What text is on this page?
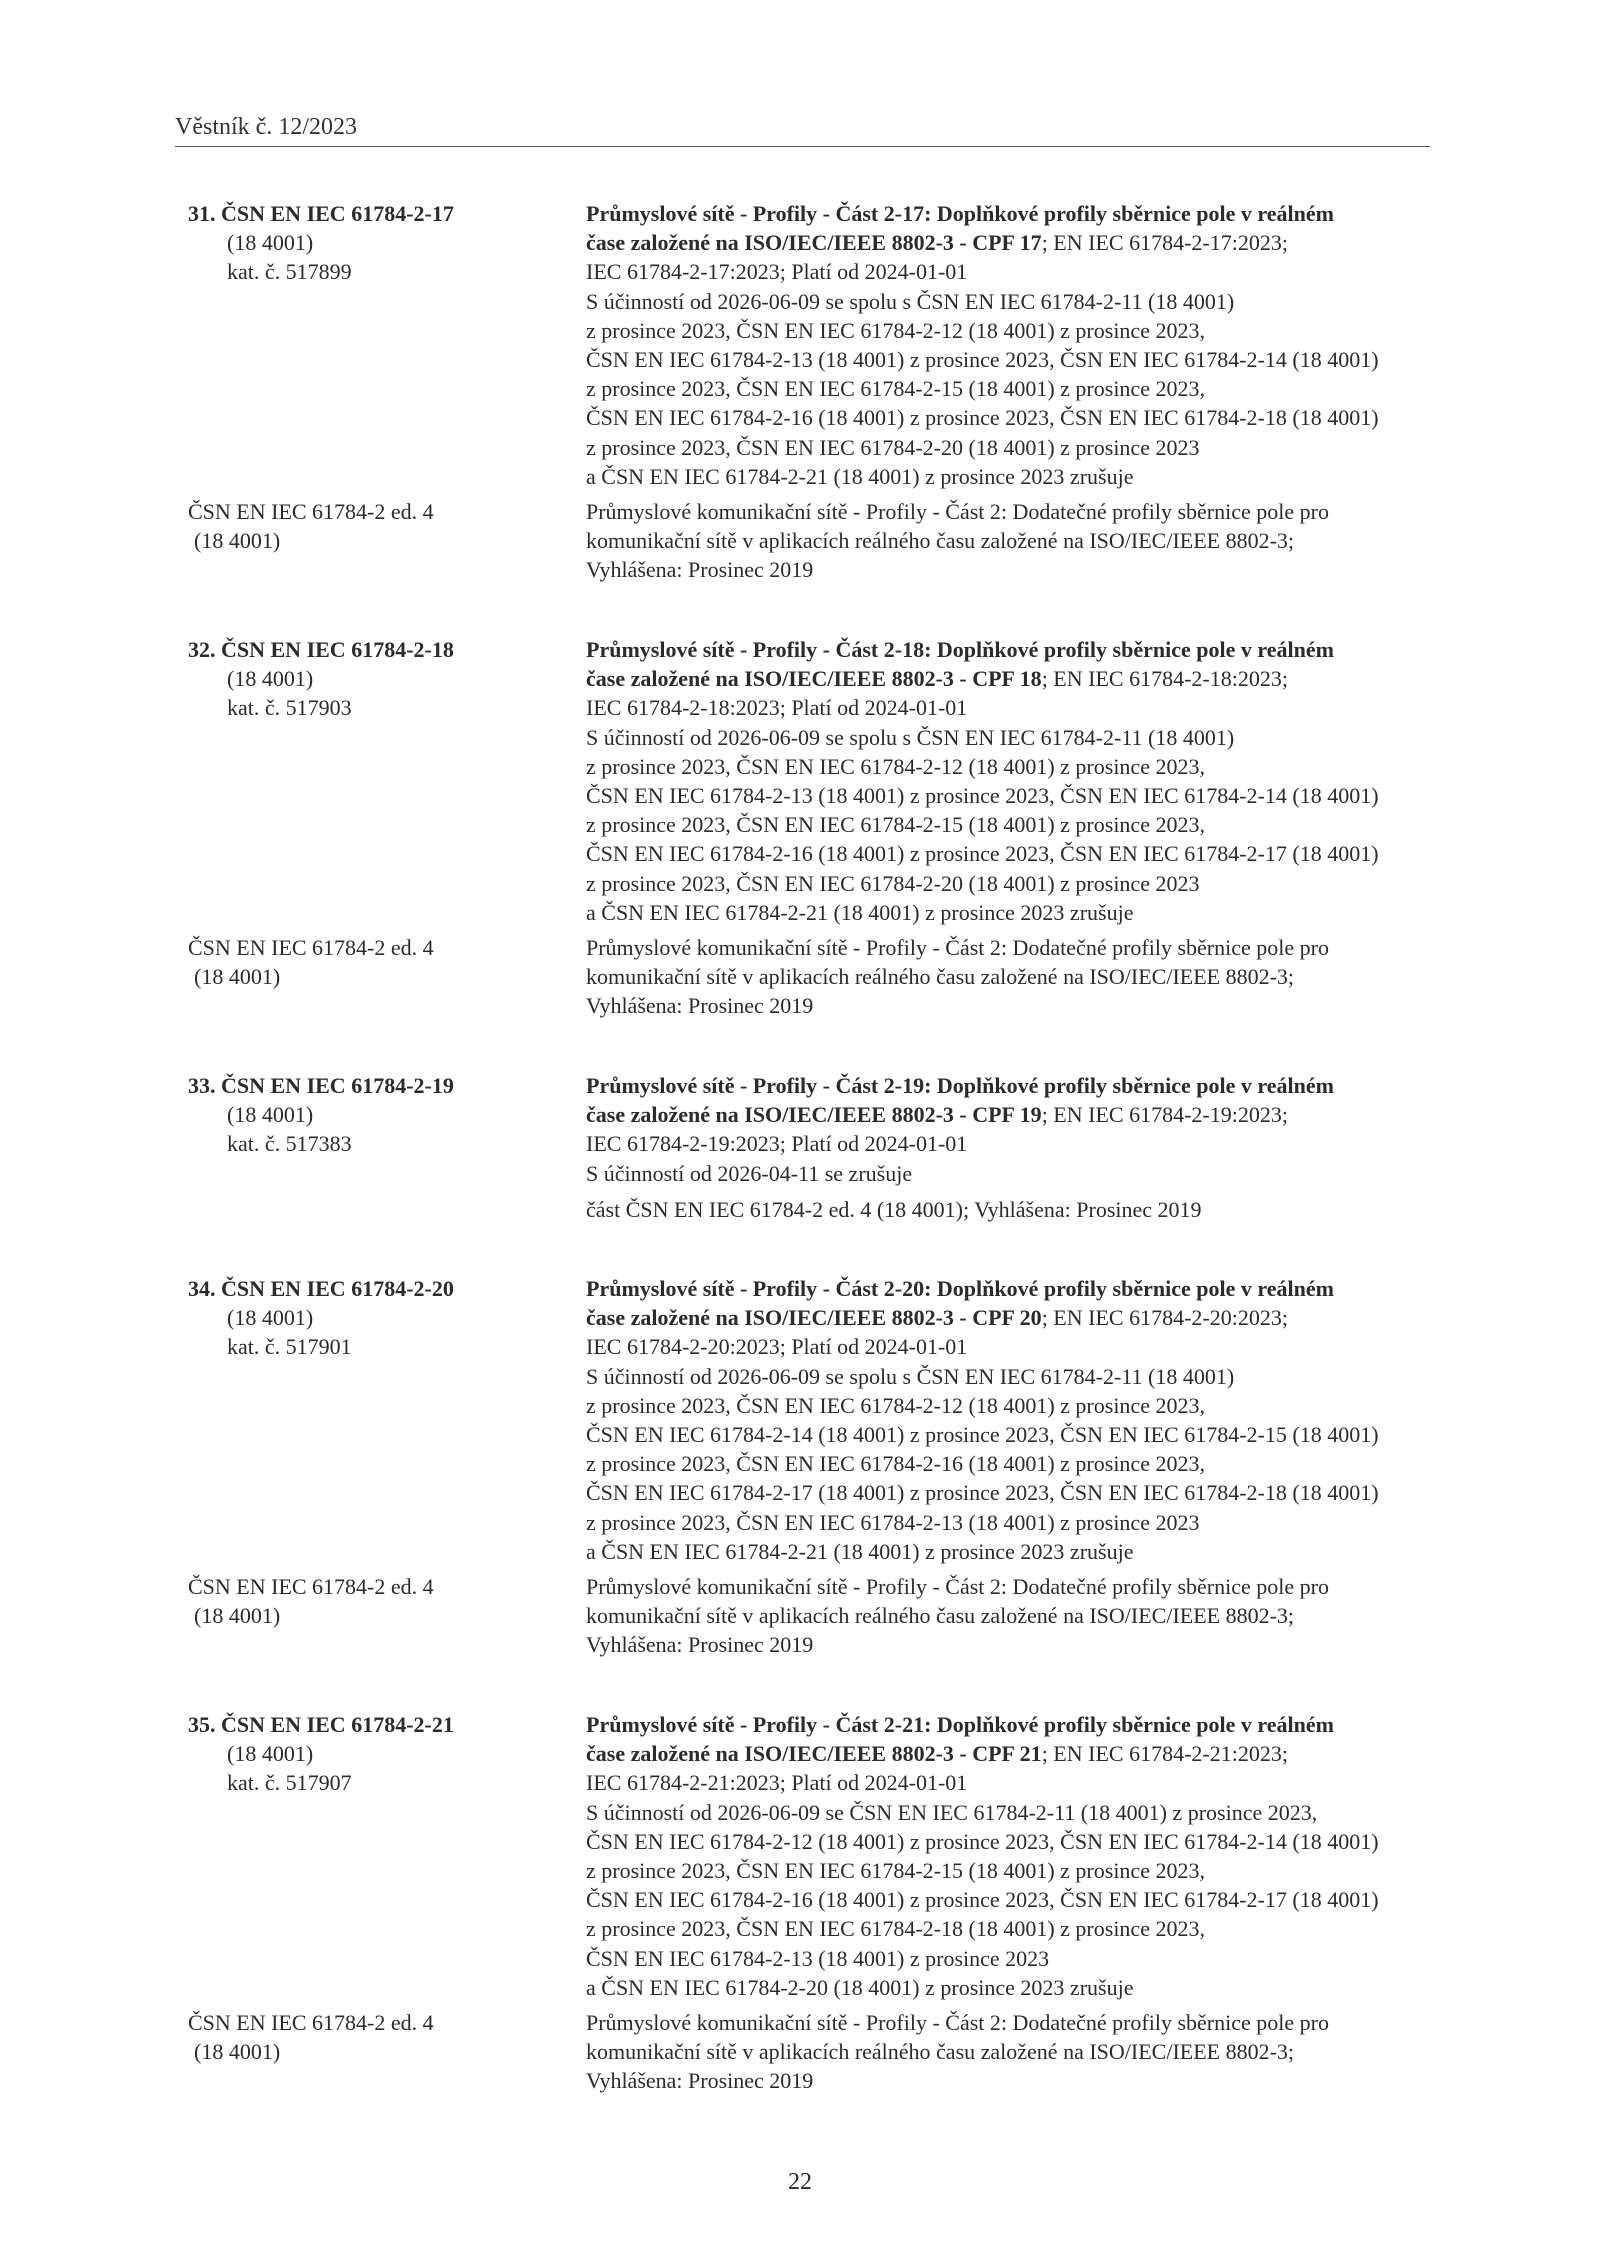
Věstník č. 12/2023
31. ČSN EN IEC 61784-2-17
(18 4001)
kat. č. 517899
Průmyslové sítě - Profily - Část 2-17: Doplňkové profily sběrnice pole v reálném
čase založené na ISO/IEC/IEEE 8802-3 - CPF 17; EN IEC 61784-2-17:2023;
IEC 61784-2-17:2023; Platí od 2024-01-01
S účinností od 2026-06-09 se spolu s ČSN EN IEC 61784-2-11 (18 4001)
z prosince 2023, ČSN EN IEC 61784-2-12 (18 4001) z prosince 2023,
ČSN EN IEC 61784-2-13 (18 4001) z prosince 2023, ČSN EN IEC 61784-2-14 (18 4001)
z prosince 2023, ČSN EN IEC 61784-2-15 (18 4001) z prosince 2023,
ČSN EN IEC 61784-2-16 (18 4001) z prosince 2023, ČSN EN IEC 61784-2-18 (18 4001)
z prosince 2023, ČSN EN IEC 61784-2-20 (18 4001) z prosince 2023
a ČSN EN IEC 61784-2-21 (18 4001) z prosince 2023 zrušuje
ČSN EN IEC 61784-2 ed. 4
(18 4001)
Průmyslové komunikační sítě - Profily - Část 2: Dodatečné profily sběrnice pole pro
komunikační sítě v aplikacích reálného času založené na ISO/IEC/IEEE 8802-3;
Vyhlášena: Prosinec 2019
32. ČSN EN IEC 61784-2-18
(18 4001)
kat. č. 517903
Průmyslové sítě - Profily - Část 2-18: Doplňkové profily sběrnice pole v reálném
čase založené na ISO/IEC/IEEE 8802-3 - CPF 18; EN IEC 61784-2-18:2023;
IEC 61784-2-18:2023; Platí od 2024-01-01
S účinností od 2026-06-09 se spolu s ČSN EN IEC 61784-2-11 (18 4001)
z prosince 2023, ČSN EN IEC 61784-2-12 (18 4001) z prosince 2023,
ČSN EN IEC 61784-2-13 (18 4001) z prosince 2023, ČSN EN IEC 61784-2-14 (18 4001)
z prosince 2023, ČSN EN IEC 61784-2-15 (18 4001) z prosince 2023,
ČSN EN IEC 61784-2-16 (18 4001) z prosince 2023, ČSN EN IEC 61784-2-17 (18 4001)
z prosince 2023, ČSN EN IEC 61784-2-20 (18 4001) z prosince 2023
a ČSN EN IEC 61784-2-21 (18 4001) z prosince 2023 zrušuje
ČSN EN IEC 61784-2 ed. 4
(18 4001)
Průmyslové komunikační sítě - Profily - Část 2: Dodatečné profily sběrnice pole pro
komunikační sítě v aplikacích reálného času založené na ISO/IEC/IEEE 8802-3;
Vyhlášena: Prosinec 2019
33. ČSN EN IEC 61784-2-19
(18 4001)
kat. č. 517383
Průmyslové sítě - Profily - Část 2-19: Doplňkové profily sběrnice pole v reálném
čase založené na ISO/IEC/IEEE 8802-3 - CPF 19; EN IEC 61784-2-19:2023;
IEC 61784-2-19:2023; Platí od 2024-01-01
S účinností od 2026-04-11 se zrušuje
část ČSN EN IEC 61784-2 ed. 4 (18 4001); Vyhlášena: Prosinec 2019
34. ČSN EN IEC 61784-2-20
(18 4001)
kat. č. 517901
Průmyslové sítě - Profily - Část 2-20: Doplňkové profily sběrnice pole v reálném
čase založené na ISO/IEC/IEEE 8802-3 - CPF 20; EN IEC 61784-2-20:2023;
IEC 61784-2-20:2023; Platí od 2024-01-01
S účinností od 2026-06-09 se spolu s ČSN EN IEC 61784-2-11 (18 4001)
z prosince 2023, ČSN EN IEC 61784-2-12 (18 4001) z prosince 2023,
ČSN EN IEC 61784-2-14 (18 4001) z prosince 2023, ČSN EN IEC 61784-2-15 (18 4001)
z prosince 2023, ČSN EN IEC 61784-2-16 (18 4001) z prosince 2023,
ČSN EN IEC 61784-2-17 (18 4001) z prosince 2023, ČSN EN IEC 61784-2-18 (18 4001)
z prosince 2023, ČSN EN IEC 61784-2-13 (18 4001) z prosince 2023
a ČSN EN IEC 61784-2-21 (18 4001) z prosince 2023 zrušuje
ČSN EN IEC 61784-2 ed. 4
(18 4001)
Průmyslové komunikační sítě - Profily - Část 2: Dodatečné profily sběrnice pole pro
komunikační sítě v aplikacích reálného času založené na ISO/IEC/IEEE 8802-3;
Vyhlášena: Prosinec 2019
35. ČSN EN IEC 61784-2-21
(18 4001)
kat. č. 517907
Průmyslové sítě - Profily - Část 2-21: Doplňkové profily sběrnice pole v reálném
čase založené na ISO/IEC/IEEE 8802-3 - CPF 21; EN IEC 61784-2-21:2023;
IEC 61784-2-21:2023; Platí od 2024-01-01
S účinností od 2026-06-09 se ČSN EN IEC 61784-2-11 (18 4001) z prosince 2023,
ČSN EN IEC 61784-2-12 (18 4001) z prosince 2023, ČSN EN IEC 61784-2-14 (18 4001)
z prosince 2023, ČSN EN IEC 61784-2-15 (18 4001) z prosince 2023,
ČSN EN IEC 61784-2-16 (18 4001) z prosince 2023, ČSN EN IEC 61784-2-17 (18 4001)
z prosince 2023, ČSN EN IEC 61784-2-18 (18 4001) z prosince 2023,
ČSN EN IEC 61784-2-13 (18 4001) z prosince 2023
a ČSN EN IEC 61784-2-20 (18 4001) z prosince 2023 zrušuje
ČSN EN IEC 61784-2 ed. 4
(18 4001)
Průmyslové komunikační sítě - Profily - Část 2: Dodatečné profily sběrnice pole pro
komunikační sítě v aplikacích reálného času založené na ISO/IEC/IEEE 8802-3;
Vyhlášena: Prosinec 2019
22
